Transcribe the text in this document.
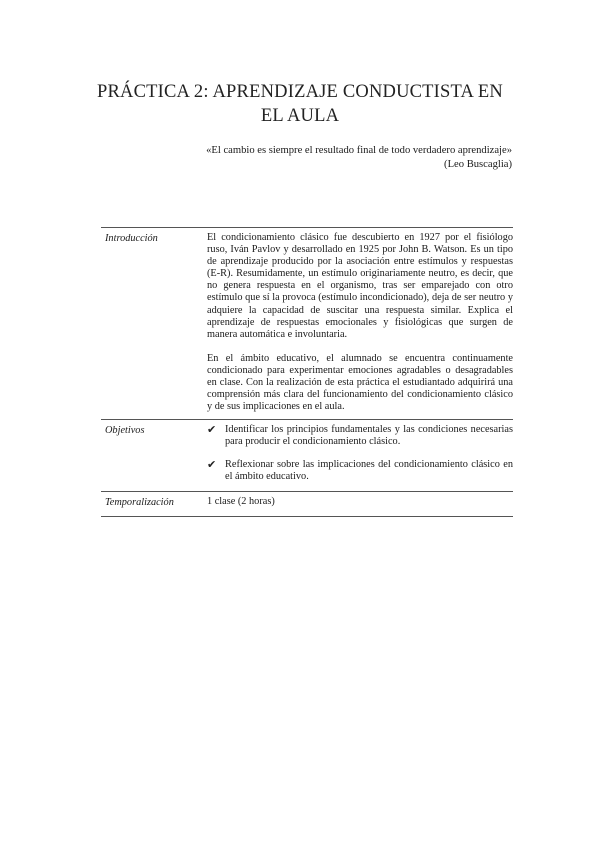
PRÁCTICA 2: APRENDIZAJE CONDUCTISTA EN EL AULA
«El cambio es siempre el resultado final de todo verdadero aprendizaje»
(Leo Buscaglia)
Introducción	El condicionamiento clásico fue descubierto en 1927 por el fisiólogo ruso, Iván Pavlov y desarrollado en 1925 por John B. Watson. Es un tipo de aprendizaje producido por la asociación entre estímulos y respuestas (E-R). Resumidamente, un estímulo originariamente neutro, es decir, que no genera respuesta en el organismo, tras ser emparejado con otro estímulo que sí la provoca (estímulo incondicionado), deja de ser neutro y adquiere la capacidad de suscitar una respuesta similar. Explica el aprendizaje de respuestas emocionales y fisiológicas que surgen de manera automática e involuntaria.

En el ámbito educativo, el alumnado se encuentra continuamente condicionado para experimentar emociones agradables o desagradables en clase. Con la realización de esta práctica el estudiantado adquirirá una comprensión más clara del funcionamiento del condicionamiento clásico y de sus implicaciones en el aula.

Objetivos	✔ Identificar los principios fundamentales y las condiciones necesarias para producir el condicionamiento clásico.
✔ Reflexionar sobre las implicaciones del condicionamiento clásico en el ámbito educativo.
Temporalización	1 clase (2 horas)
